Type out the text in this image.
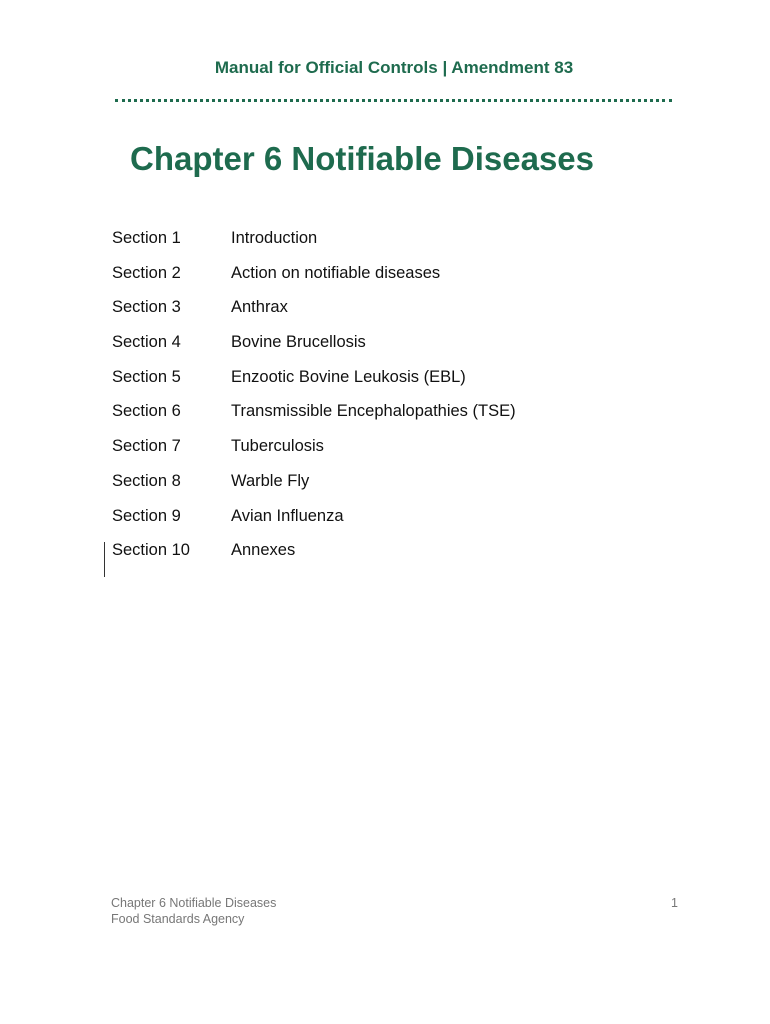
Manual for Official Controls | Amendment 83
Chapter 6 Notifiable Diseases
Section 1	Introduction
Section 2	Action on notifiable diseases
Section 3	Anthrax
Section 4	Bovine Brucellosis
Section 5	Enzootic Bovine Leukosis (EBL)
Section 6	Transmissible Encephalopathies (TSE)
Section 7	Tuberculosis
Section 8	Warble Fly
Section 9	Avian Influenza
Section 10	Annexes
Chapter 6 Notifiable Diseases
Food Standards Agency
1
